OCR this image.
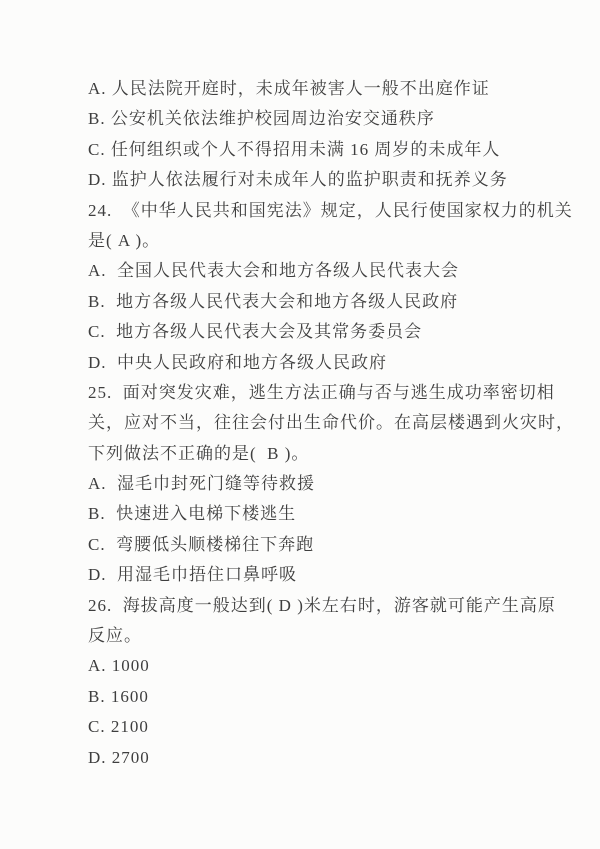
A. 人民法院开庭时，未成年被害人一般不出庭作证
B. 公安机关依法维护校园周边治安交通秩序
C. 任何组织或个人不得招用未满 16 周岁的未成年人
D. 监护人依法履行对未成年人的监护职责和抚养义务
24.  《中华人民共和国宪法》规定，人民行使国家权力的机关
是( A )。
A.  全国人民代表大会和地方各级人民代表大会
B.  地方各级人民代表大会和地方各级人民政府
C.  地方各级人民代表大会及其常务委员会
D.  中央人民政府和地方各级人民政府
25.  面对突发灾难，逃生方法正确与否与逃生成功率密切相
关，应对不当，往往会付出生命代价。在高层楼遇到火灾时，
下列做法不正确的是(  B )。
A.  湿毛巾封死门缝等待救援
B.  快速进入电梯下楼逃生
C.  弯腰低头顺楼梯往下奔跑
D.  用湿毛巾捂住口鼻呼吸
26.  海拔高度一般达到( D )米左右时，游客就可能产生高原
反应。
A. 1000
B. 1600
C. 2100
D. 2700
